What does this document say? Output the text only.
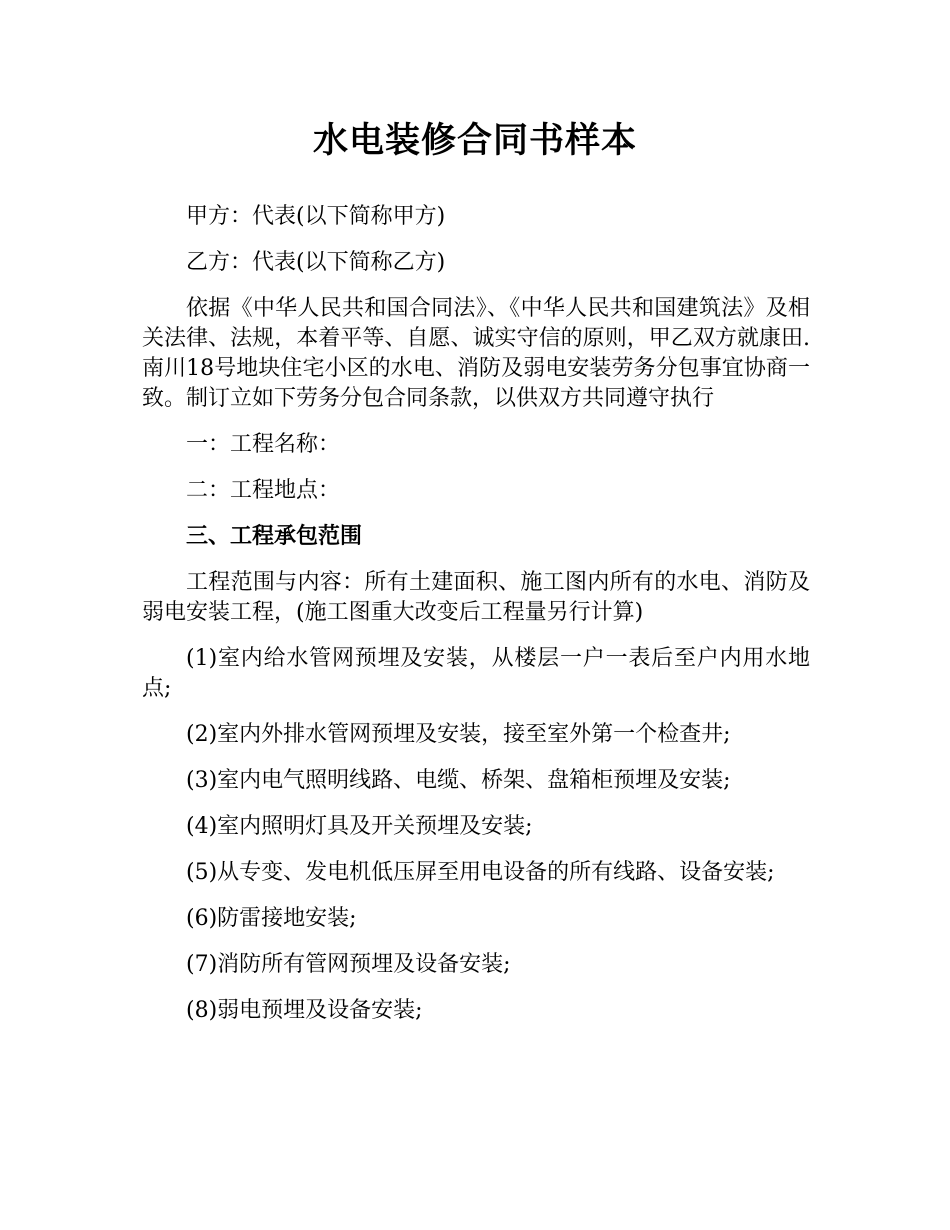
水电装修合同书样本

甲方：代表(以下简称甲方)

乙方：代表(以下简称乙方)

依据《中华人民共和国合同法》、《中华人民共和国建筑法》及相关法律、法规，本着平等、自愿、诚实守信的原则，甲乙双方就康田.南川18号地块住宅小区的水电、消防及弱电安装劳务分包事宜协商一致。制订立如下劳务分包合同条款，以供双方共同遵守执行

一：工程名称：

二：工程地点：

三、工程承包范围

工程范围与内容：所有土建面积、施工图内所有的水电、消防及弱电安装工程，(施工图重大改变后工程量另行计算)

(1)室内给水管网预埋及安装，从楼层一户一表后至户内用水地点;

(2)室内外排水管网预埋及安装，接至室外第一个检查井;

(3)室内电气照明线路、电缆、桥架、盘箱柜预埋及安装;

(4)室内照明灯具及开关预埋及安装;

(5)从专变、发电机低压屏至用电设备的所有线路、设备安装;

(6)防雷接地安装;

(7)消防所有管网预埋及设备安装;

(8)弱电预埋及设备安装;
